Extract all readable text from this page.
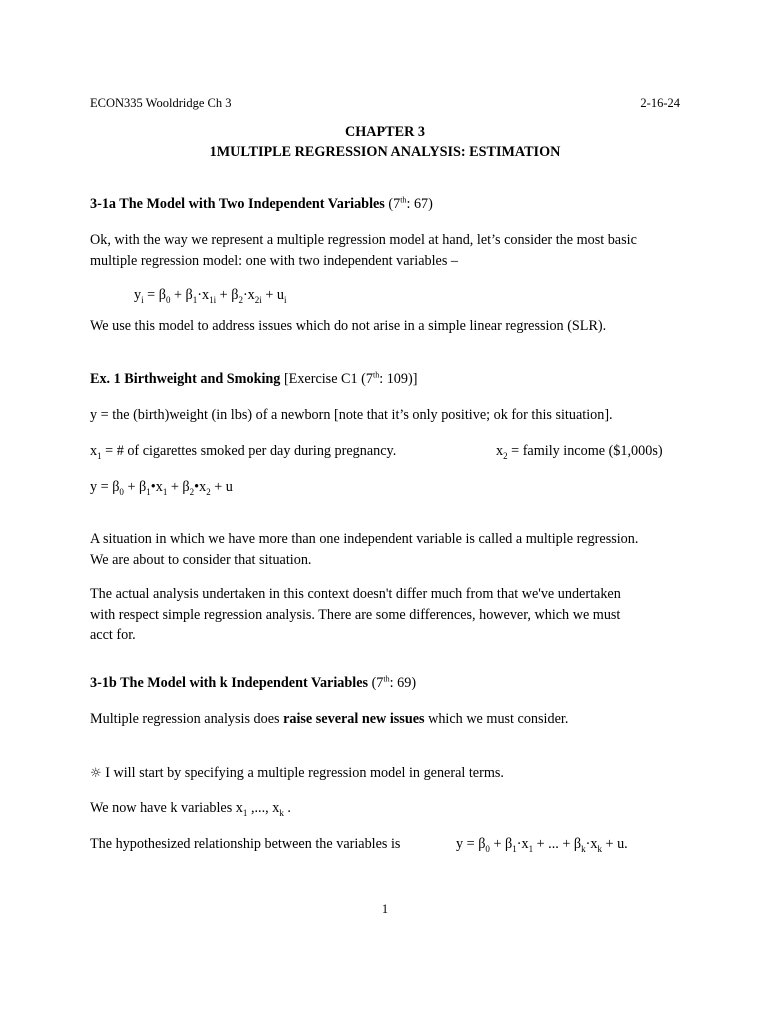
ECON335 Wooldridge Ch 3	2-16-24
CHAPTER 3
1MULTIPLE REGRESSION ANALYSIS: ESTIMATION

3-1a The Model with Two Independent Variables (7th: 67)

Ok, with the way we represent a multiple regression model at hand, let’s consider the most basic
multiple regression model: one with two independent variables –

$y_i = \beta_0 + \beta_1\cdot x_{1i} + \beta_2\cdot x_{2i} + u_i$

We use this model to address issues which do not arise in a simple linear regression (SLR).

Ex. 1 Birthweight and Smoking [Exercise C1 (7th: 109)]

y = the (birth)weight (in lbs) of a newborn [note that it’s only positive; ok for this situation].

$x_1$ = # of cigarettes smoked per day during pregnancy.	$x_2$ = family income ($1,000s)

$y = \beta_0$ + $\beta_1•x_1$ + $\beta_2•x_2 + u$

A situation in which we have more than one independent variable is called a multiple regression.
We are about to consider that situation.

The actual analysis undertaken in this context doesn't differ much from that we've undertaken
with respect simple regression analysis. There are some differences, however, which we must
acct for.

3-1b The Model with k Independent Variables (7th: 69)

Multiple regression analysis does raise several new issues which we must consider.

☼ I will start by specifying a multiple regression model in general terms.

We now have k variables $x_1$ ,..., $x_k$ .

The hypothesized relationship between the variables is	$y = \beta_0 + \beta_1\cdot x_1$ + ... + $\beta_k\cdot x_k + u$.

1
